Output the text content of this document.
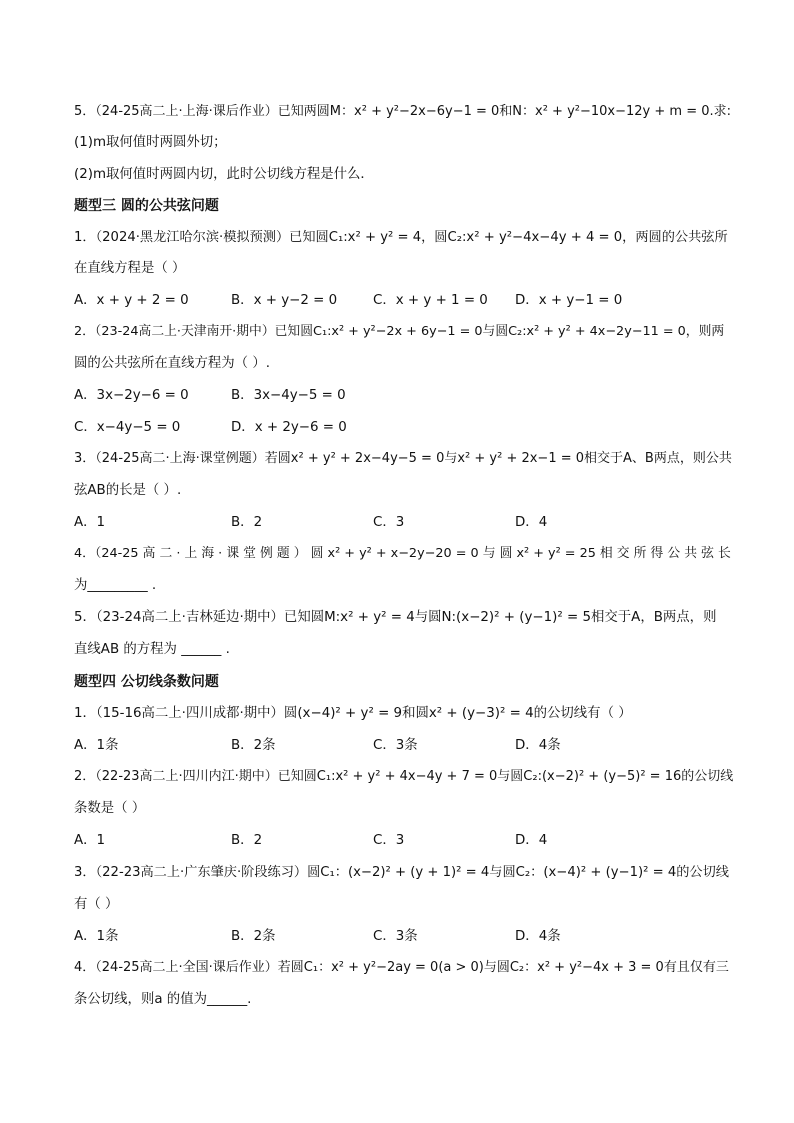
5．（24-25高二上·上海·课后作业）已知两圆M：x² + y²−2x−6y−1 = 0和N：x² + y²−10x−12y + m = 0.求:
(1)m取何值时两圆外切；
(2)m取何值时两圆内切，此时公切线方程是什么．
题型三 圆的公共弦问题
1．（2024·黑龙江哈尔滨·模拟预测）已知圆C₁:x² + y² = 4，圆C₂:x² + y²−4x−4y + 4 = 0，两圆的公共弦所
在直线方程是（ ）
A．x + y + 2 = 0	B．x + y−2 = 0	C．x + y + 1 = 0 D．x + y−1 = 0
2．（23-24高二上·天津南开·期中）已知圆C₁:x² + y²−2x + 6y−1 = 0与圆C₂:x² + y² + 4x−2y−11 = 0，则两
圆的公共弦所在直线方程为（ ）.
A．3x−2y−6 = 0	B．3x−4y−5 = 0
C．x−4y−5 = 0	D．x + 2y−6 = 0
3．（24-25高二·上海·课堂例题）若圆x² + y² + 2x−4y−5 = 0与x² + y² + 2x−1 = 0相交于A、B两点，则公共
弦AB的长是（ ）.
A．1	B．2	C．3	D．4
4．（24-25 高 二 · 上 海 · 课 堂 例 题 ） 圆 x² + y² + x−2y−20 = 0 与 圆 x² + y² = 25 相 交 所 得 公 共 弦 长
为_________ .
5．（23-24高二上·吉林延边·期中）已知圆M:x² + y² = 4与圆N:(x−2)² + (y−1)² = 5相交于A，B两点，则
直线AB 的方程为 ______ .
题型四 公切线条数问题
1．（15-16高二上·四川成都·期中）圆(x−4)² + y² = 9和圆x² + (y−3)² = 4的公切线有（ ）
A．1条	B．2条	C．3条	D．4条
2．（22-23高二上·四川内江·期中）已知圆C₁:x² + y² + 4x−4y + 7 = 0与圆C₂:(x−2)² + (y−5)² = 16的公切线
条数是（ ）
A．1	B．2	C．3	D．4
3．（22-23高二上·广东肇庆·阶段练习）圆C₁：(x−2)² + (y + 1)² = 4与圆C₂：(x−4)² + (y−1)² = 4的公切线
有（ ）
A．1条	B．2条	C．3条	D．4条
4．（24-25高二上·全国·课后作业）若圆C₁：x² + y²−2ay = 0(a > 0)与圆C₂：x² + y²−4x + 3 = 0有且仅有三
条公切线，则a 的值为______.
